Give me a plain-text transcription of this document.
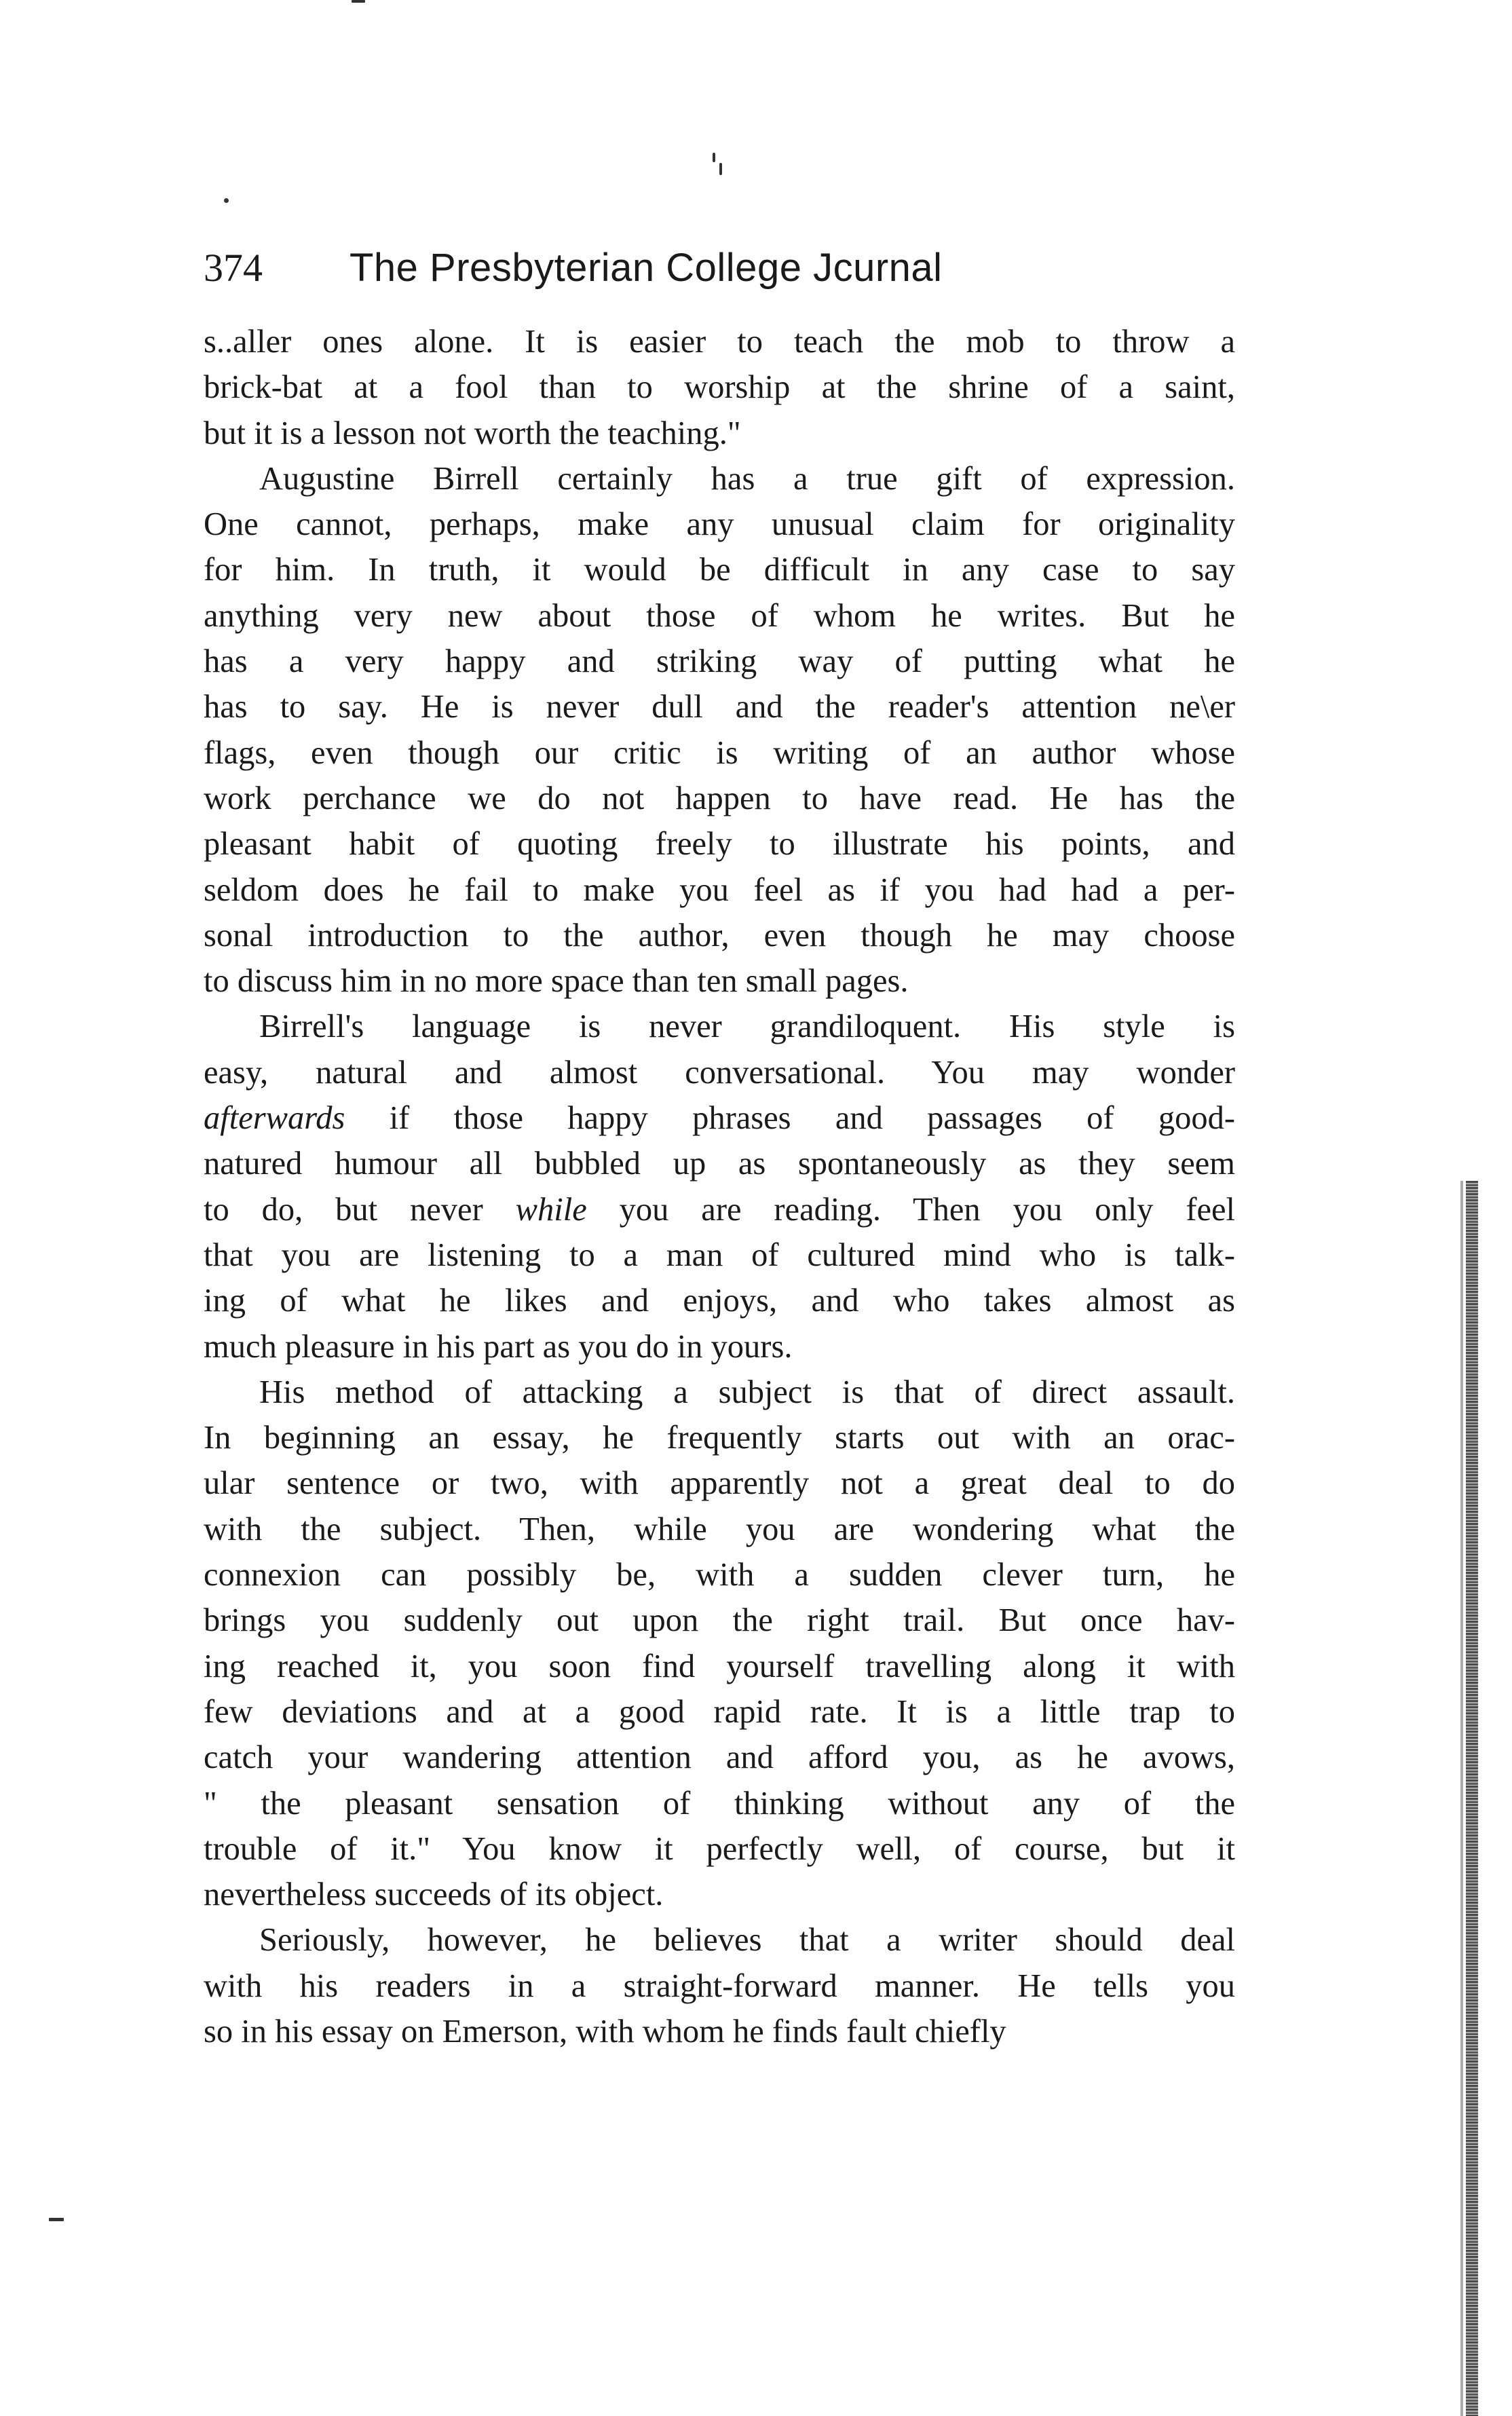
374 The Presbyterian College Jcurnal

s..aller ones alone. It is easier to teach the mob to throw a
brick-bat at a fool than to worship at the shrine of a saint,
but it is a lesson not worth the teaching."

Augustine Birrell certainly has a true gift of expression.
One cannot, perhaps, make any unusual claim for originality
for him. In truth, it would be difficult in any case to say
anything very new about those of whom he writes. But he
has a very happy and striking way of putting what he
has to say. He is never dull and the reader's attention ne\er
flags, even though our critic is writing of an author whose
work perchance we do not happen to have read. He has the
pleasant habit of quoting freely to illustrate his points, and
seldom does he fail to make you feel as if you had had a per-
sonal introduction to the author, even though he may choose
to discuss him in no more space than ten small pages.

Birrell's language is never grandiloquent. His style is
easy, natural and almost conversational. You may wonder
afterwards if those happy phrases and passages of good-
natured humour all bubbled up as spontaneously as they seem
to do, but never while you are reading. Then you only feel
that you are listening to a man of cultured mind who is talk-
ing of what he likes and enjoys, and who takes almost as
much pleasure in his part as you do in yours.

His method of attacking a subject is that of direct assault.
In beginning an essay, he frequently starts out with an orac-
ular sentence or two, with apparently not a great deal to do
with the subject. Then, while you are wondering what the
connexion can possibly be, with a sudden clever turn, he
brings you suddenly out upon the right trail. But once hav-
ing reached it, you soon find yourself travelling along it with
few deviations and at a good rapid rate. It is a little trap to
catch your wandering attention and afford you, as he avows,
" the pleasant sensation of thinking without any of the
trouble of it." You know it perfectly well, of course, but it
nevertheless succeeds of its object.

Seriously, however, he believes that a writer should deal
with his readers in a straight-forward manner. He tells you
so in his essay on Emerson, with whom he finds fault chiefly
